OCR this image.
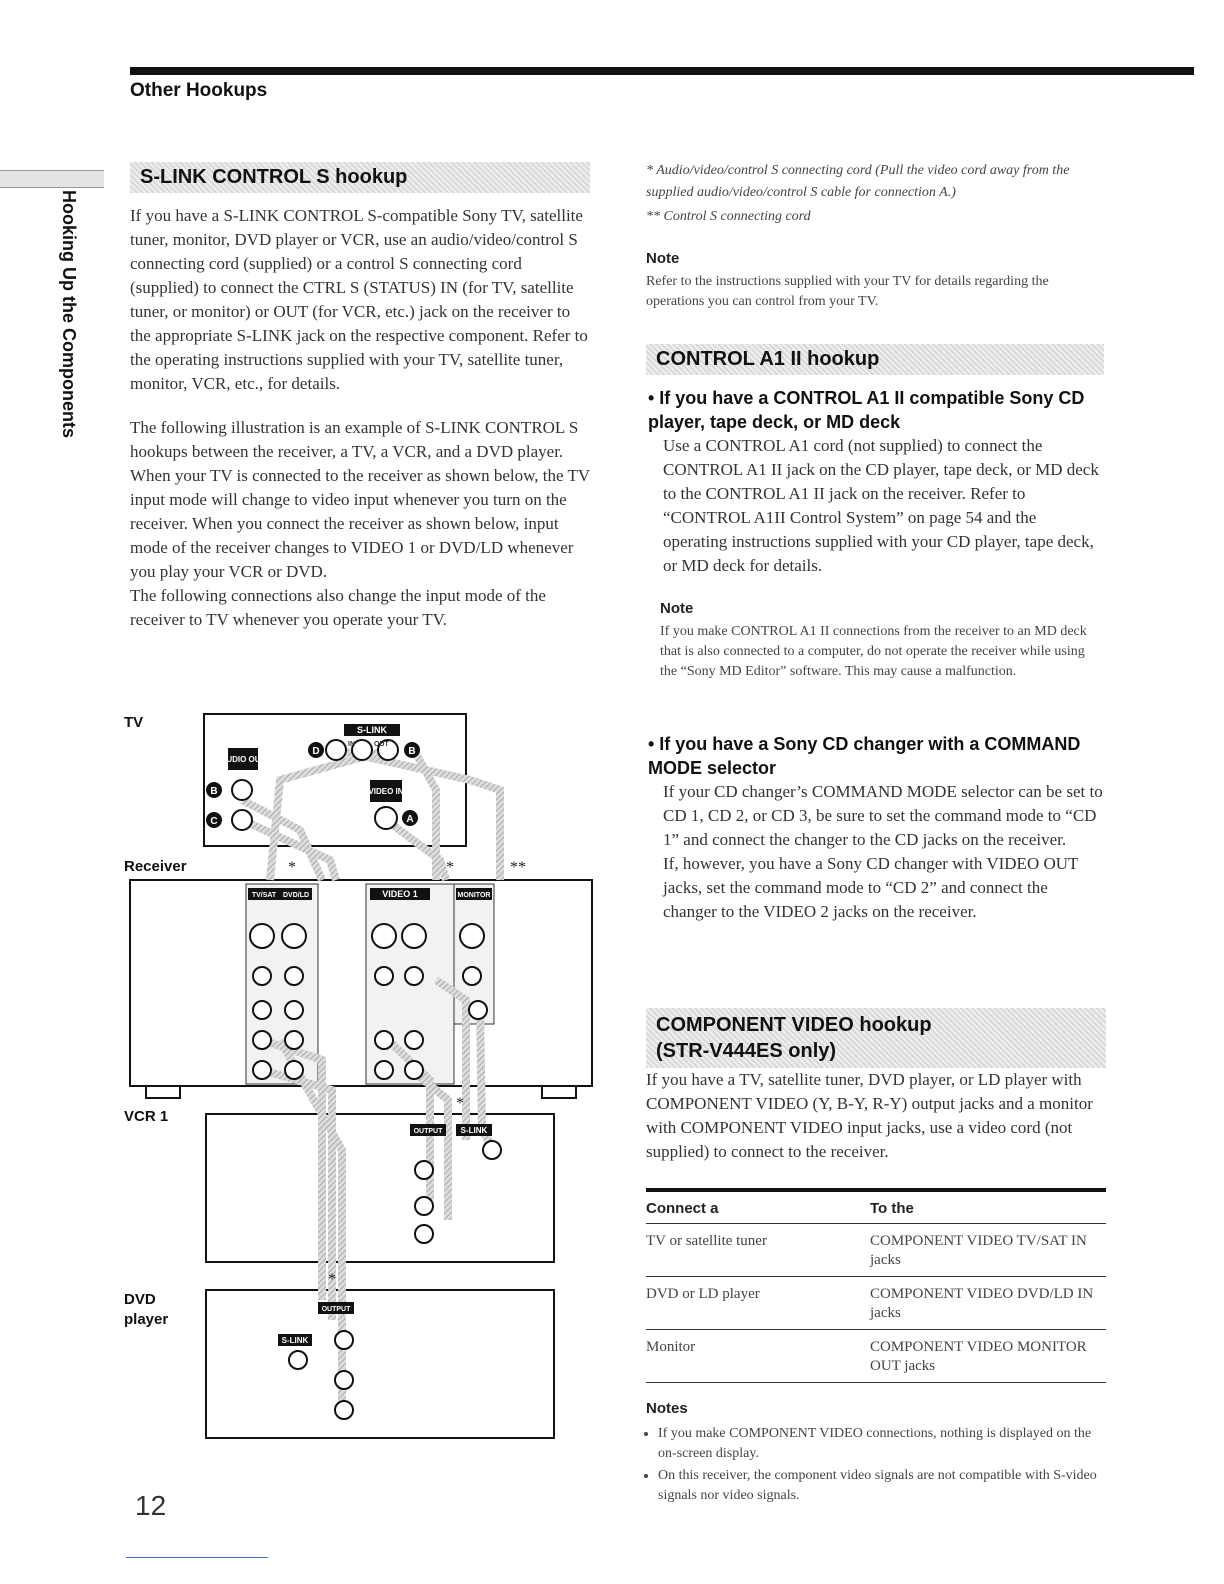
Other Hookups
Hooking Up the Components
S-LINK CONTROL S hookup

If you have a S-LINK CONTROL S-compatible Sony TV, satellite tuner, monitor, DVD player or VCR, use an audio/video/control S connecting cord (supplied) or a control S connecting cord (supplied) to connect the CTRL S (STATUS) IN (for TV, satellite tuner, or monitor) or OUT (for VCR, etc.) jack on the receiver to the appropriate S-LINK jack on the respective component. Refer to the operating instructions supplied with your TV, satellite tuner, monitor, VCR, etc., for details.

The following illustration is an example of S-LINK CONTROL S hookups between the receiver, a TV, a VCR, and a DVD player. When your TV is connected to the receiver as shown below, the TV input mode will change to video input whenever you turn on the receiver. When you connect the receiver as shown below, input mode of the receiver changes to VIDEO 1 or DVD/LD whenever you play your VCR or DVD.

The following connections also change the input mode of the receiver to TV whenever you operate your TV.

TV
Receiver
VCR 1
DVD player
S-LINK
IN	OUT
AUDIO OUT
VIDEO IN
TV/SAT DVD/LD	VIDEO 1	MONITOR
OUTPUT S-LINK
OUTPUT
S-LINK
B
C
D	B
A
*	*	**
*
*
12
* Audio/video/control S connecting cord (Pull the video cord away from the supplied audio/video/control S cable for connection A.)
** Control S connecting cord
Note
Refer to the instructions supplied with your TV for details regarding the operations you can control from your TV.
CONTROL A1 II hookup
• If you have a CONTROL A1 II compatible Sony CD player, tape deck, or MD deck
Use a CONTROL A1 cord (not supplied) to connect the CONTROL A1 II jack on the CD player, tape deck, or MD deck to the CONTROL A1 II jack on the receiver. Refer to “CONTROL A1II Control System” on page 54 and the operating instructions supplied with your CD player, tape deck, or MD deck for details.
Note
If you make CONTROL A1 II connections from the receiver to an MD deck that is also connected to a computer, do not operate the receiver while using the “Sony MD Editor” software. This may cause a malfunction.
• If you have a Sony CD changer with a COMMAND MODE selector

If your CD changer’s COMMAND MODE selector can be set to CD 1, CD 2, or CD 3, be sure to set the command mode to “CD 1” and connect the changer to the CD jacks on the receiver.

If, however, you have a Sony CD changer with VIDEO OUT jacks, set the command mode to “CD 2” and connect the changer to the VIDEO 2 jacks on the receiver.

COMPONENT VIDEO hookup
(STR-V444ES only)
If you have a TV, satellite tuner, DVD player, or LD player with COMPONENT VIDEO (Y, B-Y, R-Y) output jacks and a monitor with COMPONENT VIDEO input jacks, use a video cord (not supplied) to connect to the receiver.
Connect a	To the
TV or satellite tuner	COMPONENT VIDEO TV/SAT IN jacks
DVD or LD player	COMPONENT VIDEO DVD/LD IN jacks
Monitor	COMPONENT VIDEO MONITOR OUT jacks
Notes
• If you make COMPONENT VIDEO connections, nothing is displayed on the on-screen display.
• On this receiver, the component video signals are not compatible with S-video signals nor video signals.
